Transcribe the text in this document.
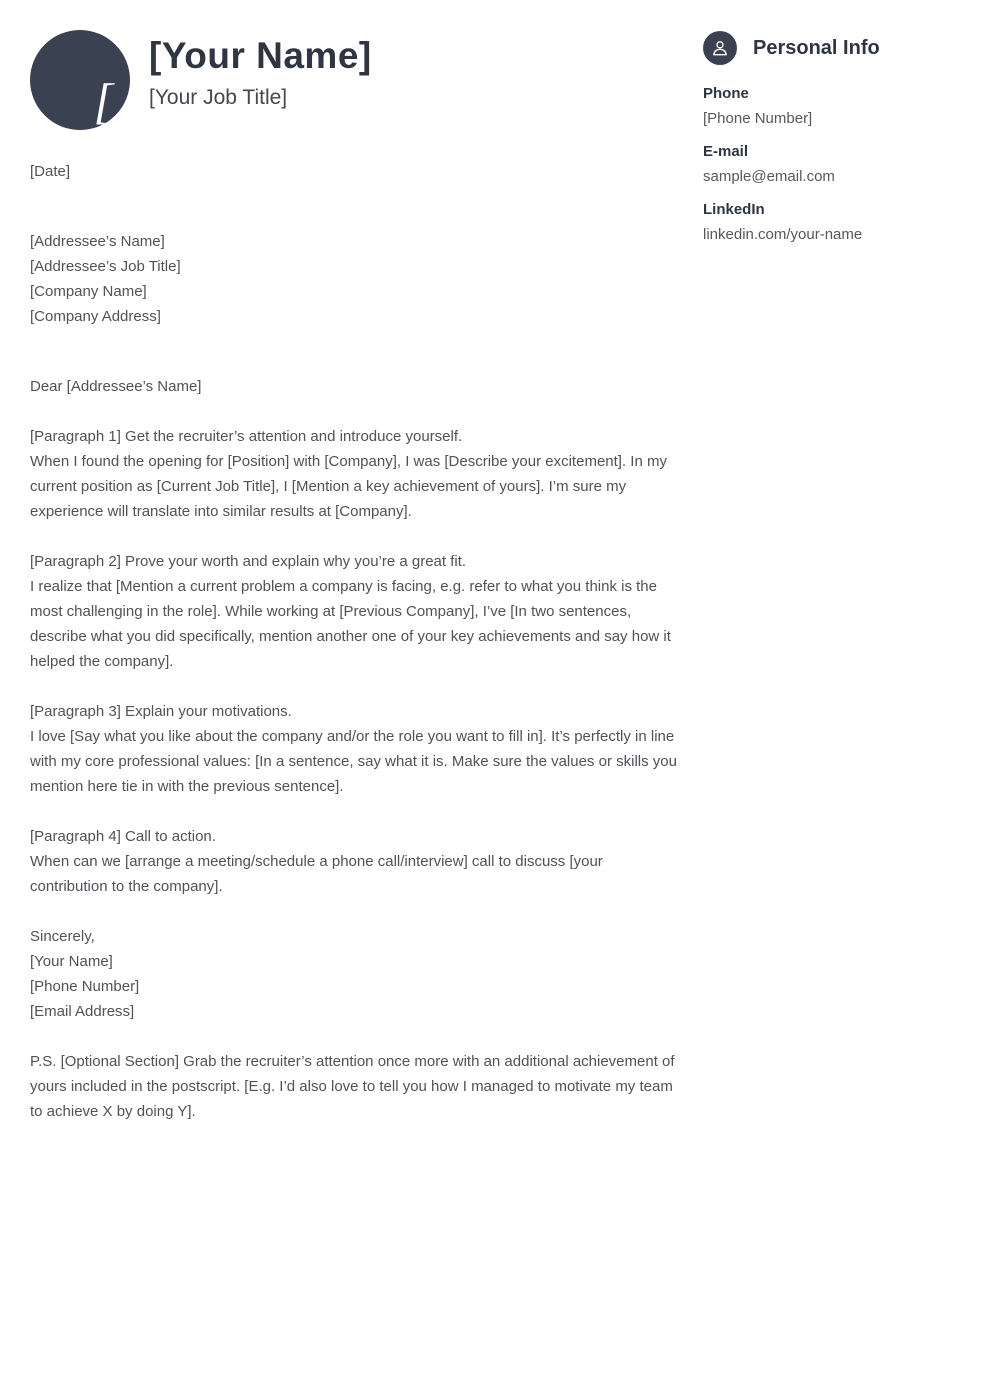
[
[Your Name]
[Your Job Title]
Personal Info
Phone
[Phone Number]
E-mail
sample@email.com
LinkedIn
linkedin.com/your-name
[Date]
[Addressee’s Name]
[Addressee’s Job Title]
[Company Name]
[Company Address]
Dear [Addressee’s Name]
[Paragraph 1] Get the recruiter’s attention and introduce yourself.
When I found the opening for [Position] with [Company], I was [Describe your excitement]. In my current position as [Current Job Title], I [Mention a key achievement of yours]. I’m sure my experience will translate into similar results at [Company].
[Paragraph 2] Prove your worth and explain why you’re a great fit.
I realize that [Mention a current problem a company is facing, e.g. refer to what you think is the most challenging in the role]. While working at [Previous Company], I’ve [In two sentences, describe what you did specifically, mention another one of your key achievements and say how it helped the company].
[Paragraph 3] Explain your motivations.
I love [Say what you like about the company and/or the role you want to fill in]. It’s perfectly in line with my core professional values: [In a sentence, say what it is. Make sure the values or skills you mention here tie in with the previous sentence].
[Paragraph 4] Call to action.
When can we [arrange a meeting/schedule a phone call/interview] call to discuss [your contribution to the company].
Sincerely,
[Your Name]
[Phone Number]
[Email Address]
P.S. [Optional Section] Grab the recruiter’s attention once more with an additional achievement of yours included in the postscript. [E.g. I’d also love to tell you how I managed to motivate my team to achieve X by doing Y].
